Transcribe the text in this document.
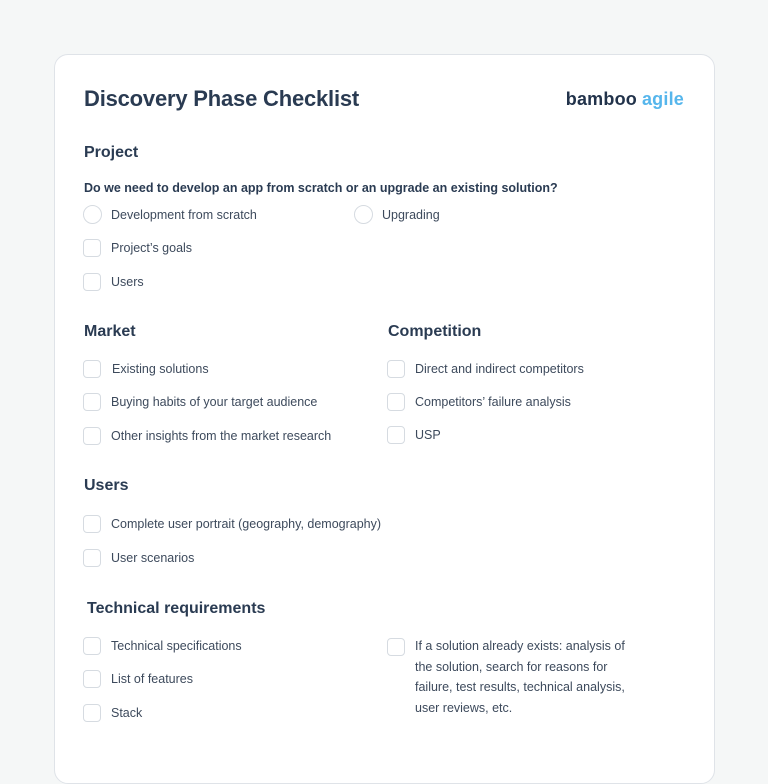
Discovery Phase Checklist	bamboo agile
Project
Do we need to develop an app from scratch or an upgrade an existing solution?
Development from scratch	Upgrading
Project’s goals
Users
Market
Existing solutions
Buying habits of your target audience
Other insights from the market research
Competition
Direct and indirect competitors
Competitors’ failure analysis
USP
Users
Complete user portrait (geography, demography)
User scenarios
Technical requirements
Technical specifications
List of features
Stack
If a solution already exists: analysis of the solution, search for reasons for failure, test results, technical analysis, user reviews, etc.
